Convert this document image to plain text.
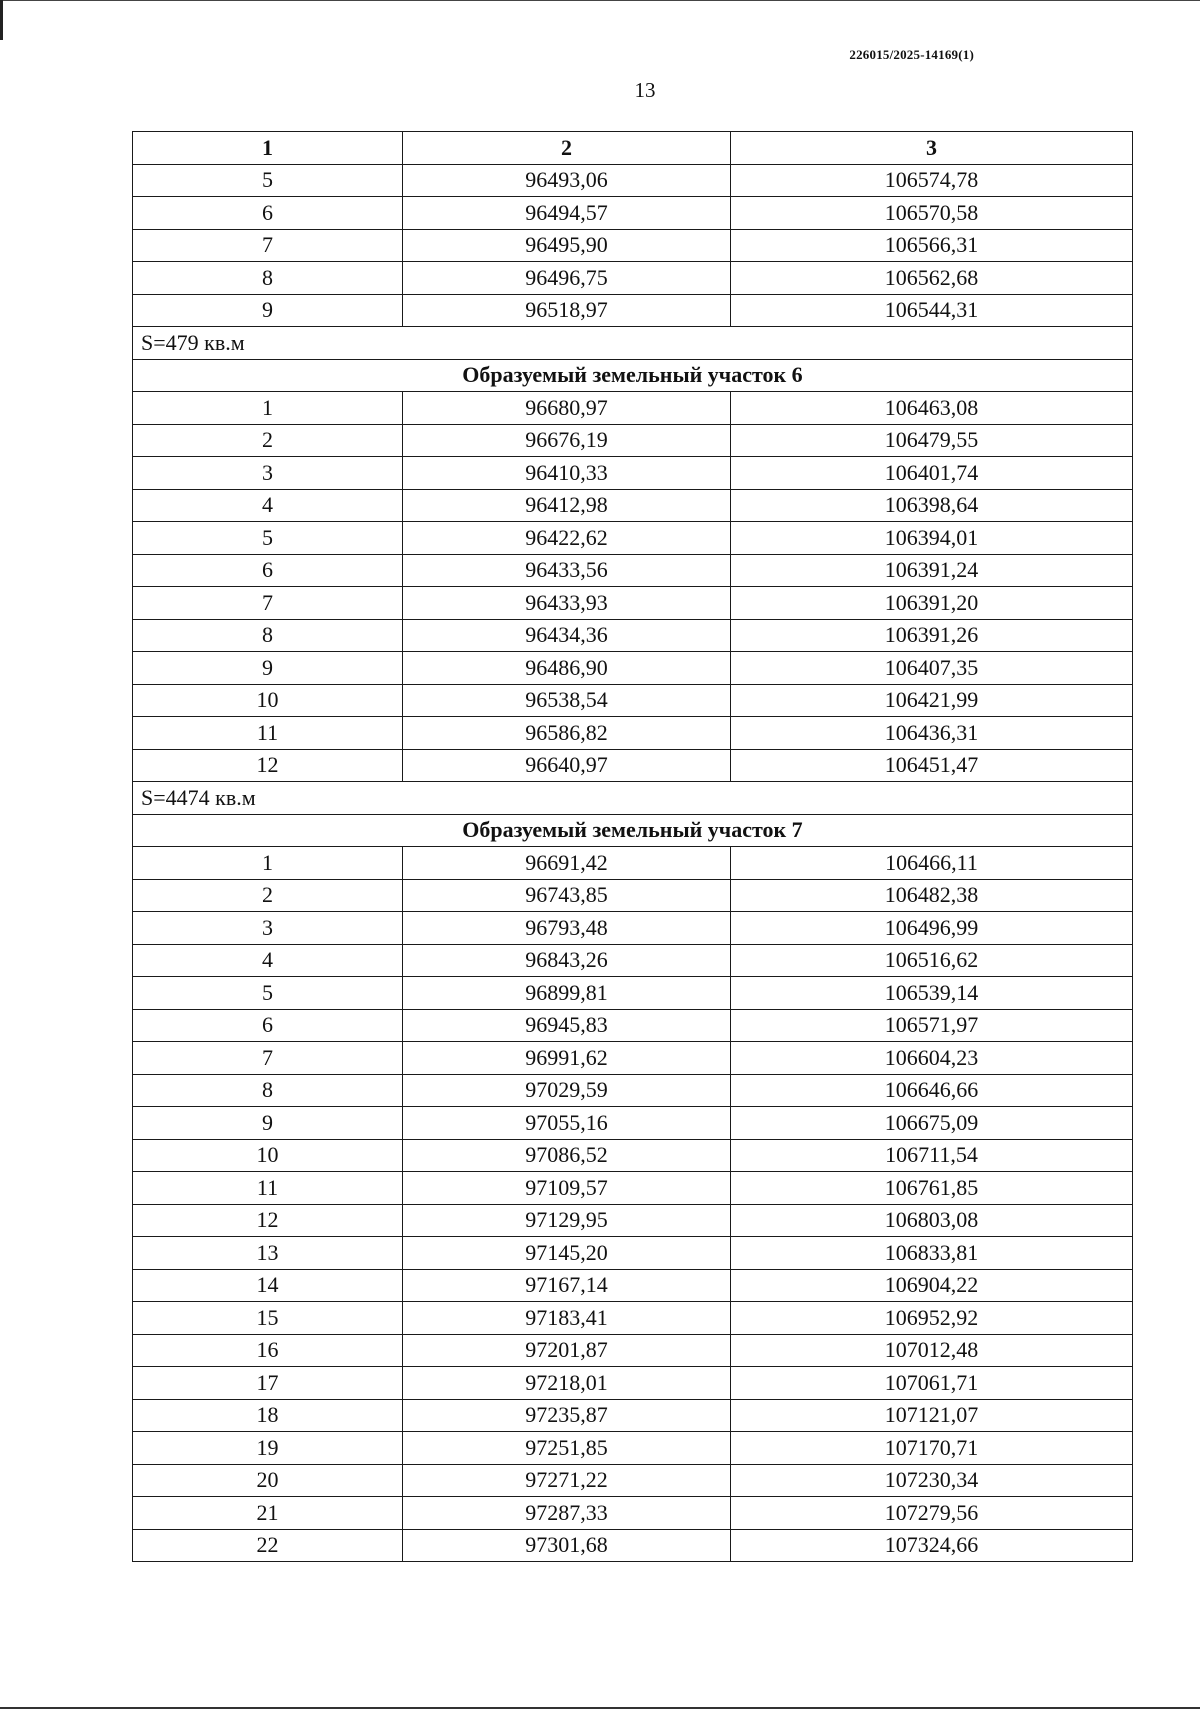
226015/2025-14169(1)
13
1	2	3
5	96493,06	106574,78
6	96494,57	106570,58
7	96495,90	106566,31
8	96496,75	106562,68
9	96518,97	106544,31
S=479 кв.м		
Образуемый земельный участок 6		
1	96680,97	106463,08
2	96676,19	106479,55
3	96410,33	106401,74
4	96412,98	106398,64
5	96422,62	106394,01
6	96433,56	106391,24
7	96433,93	106391,20
8	96434,36	106391,26
9	96486,90	106407,35
10	96538,54	106421,99
11	96586,82	106436,31
12	96640,97	106451,47
S=4474 кв.м		
Образуемый земельный участок 7		
1	96691,42	106466,11
2	96743,85	106482,38
3	96793,48	106496,99
4	96843,26	106516,62
5	96899,81	106539,14
6	96945,83	106571,97
7	96991,62	106604,23
8	97029,59	106646,66
9	97055,16	106675,09
10	97086,52	106711,54
11	97109,57	106761,85
12	97129,95	106803,08
13	97145,20	106833,81
14	97167,14	106904,22
15	97183,41	106952,92
16	97201,87	107012,48
17	97218,01	107061,71
18	97235,87	107121,07
19	97251,85	107170,71
20	97271,22	107230,34
21	97287,33	107279,56
22	97301,68	107324,66
